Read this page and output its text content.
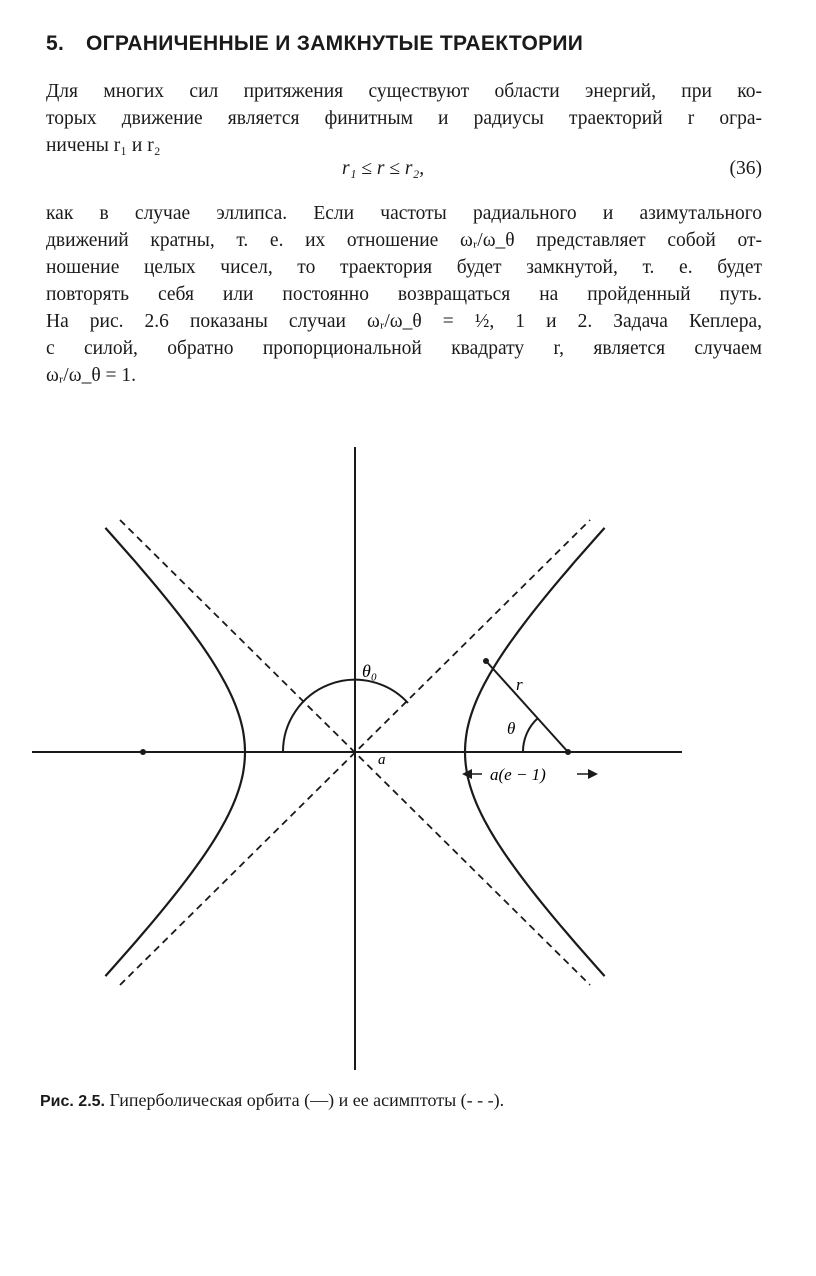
5. ОГРАНИЧЕННЫЕ И ЗАМКНУТЫЕ ТРАЕКТОРИИ
Для многих сил притяжения существуют области энергий, при ко-
торых движение является финитным и радиусы траекторий r огра-
ничены r₁ и r₂
r₁ ≤ r ≤ r₂,	(36)
как в случае эллипса. Если частоты радиального и азимутального
движений кратны, т. е. их отношение ωᵣ/ω_θ представляет собой от-
ношение целых чисел, то траектория будет замкнутой, т. е. будет
повторять себя или постоянно возвращаться на пройденный путь.
На рис. 2.6 показаны случаи ωᵣ/ω_θ = ½, 1 и 2. Задача Кеплера,
с силой, обратно пропорциональной квадрату r, является случаем
ωᵣ/ω_θ = 1.
θ₀
r
θ
a
a(e − 1)
Рис. 2.5. Гиперболическая орбита (—) и ее асимптоты (- - -).
